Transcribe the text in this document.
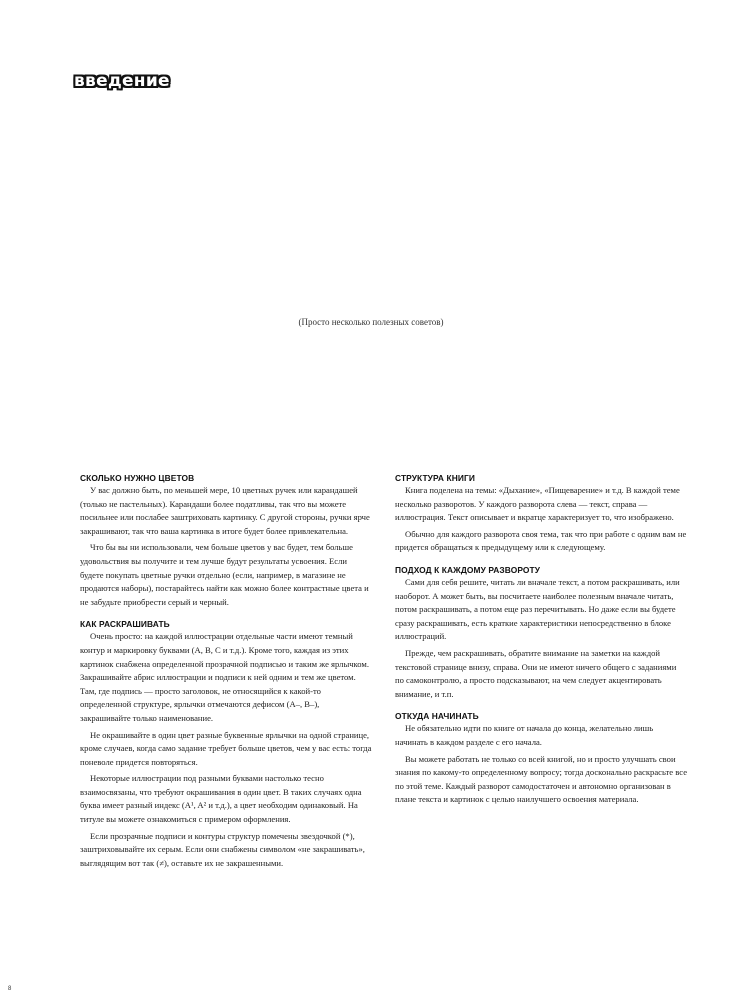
введение
(Просто несколько полезных советов)
СКОЛЬКО НУЖНО ЦВЕТОВ

У вас должно быть, по меньшей мере, 10 цветных ручек или карандашей (только не пастельных). Карандаши более податливы, так что вы можете посильнее или послабее заштриховать картинку. С другой стороны, ручки ярче закрашивают, так что ваша картинка в итоге будет более привлекательна.

Что бы вы ни использовали, чем больше цветов у вас будет, тем больше удовольствия вы получите и тем лучше будут результаты усвоения. Если будете покупать цветные ручки отдельно (если, например, в магазине не продаются наборы), постарайтесь найти как можно более контрастные цвета и не забудьте приобрести серый и черный.

КАК РАСКРАШИВАТЬ

Очень просто: на каждой иллюстрации отдельные части имеют темный контур и маркировку буквами (A, B, C и т.д.). Кроме того, каждая из этих картинок снабжена определенной прозрачной подписью и таким же ярлычком. Закрашивайте абрис иллюстрации и подписи к ней одним и тем же цветом. Там, где подпись — просто заголовок, не относящийся к какой-то определенной структуре, ярлычки отмечаются дефисом (A–, B–), закрашивайте только наименование.

Не окрашивайте в один цвет разные буквенные ярлычки на одной странице, кроме случаев, когда само задание требует больше цветов, чем у вас есть: тогда поневоле придется повторяться.

Некоторые иллюстрации под разными буквами настолько тесно взаимосвязаны, что требуют окрашивания в один цвет. В таких случаях одна буква имеет разный индекс (A¹, A² и т.д.), а цвет необходим одинаковый. На титуле вы можете ознакомиться с примером оформления.

Если прозрачные подписи и контуры структур помечены звездочкой (*), заштриховывайте их серым. Если они снабжены символом «не закрашивать», выглядящим вот так (≠), оставьте их не закрашенными.

СТРУКТУРА КНИГИ

Книга поделена на темы: «Дыхание», «Пищеварение» и т.д. В каждой теме несколько разворотов. У каждого разворота слева — текст, справа — иллюстрация. Текст описывает и вкратце характеризует то, что изображено.

Обычно для каждого разворота своя тема, так что при работе с одним вам не придется обращаться к предыдущему или к следующему.

ПОДХОД К КАЖДОМУ РАЗВОРОТУ

Сами для себя решите, читать ли вначале текст, а потом раскрашивать, или наоборот. А может быть, вы посчитаете наиболее полезным вначале читать, потом раскрашивать, а потом еще раз перечитывать. Но даже если вы будете сразу раскрашивать, есть краткие характеристики непосредственно в блоке иллюстраций.

Прежде, чем раскрашивать, обратите внимание на заметки на каждой текстовой странице внизу, справа. Они не имеют ничего общего с заданиями по самоконтролю, а просто подсказывают, на чем следует акцентировать внимание, и т.п.

ОТКУДА НАЧИНАТЬ

Не обязательно идти по книге от начала до конца, желательно лишь начинать в каждом разделе с его начала.

Вы можете работать не только со всей книгой, но и просто улучшать свои знания по какому-то определенному вопросу; тогда досконально раскрасьте все по этой теме. Каждый разворот самодостаточен и автономно организован в плане текста и картинок с целью наилучшего освоения материала.

8
